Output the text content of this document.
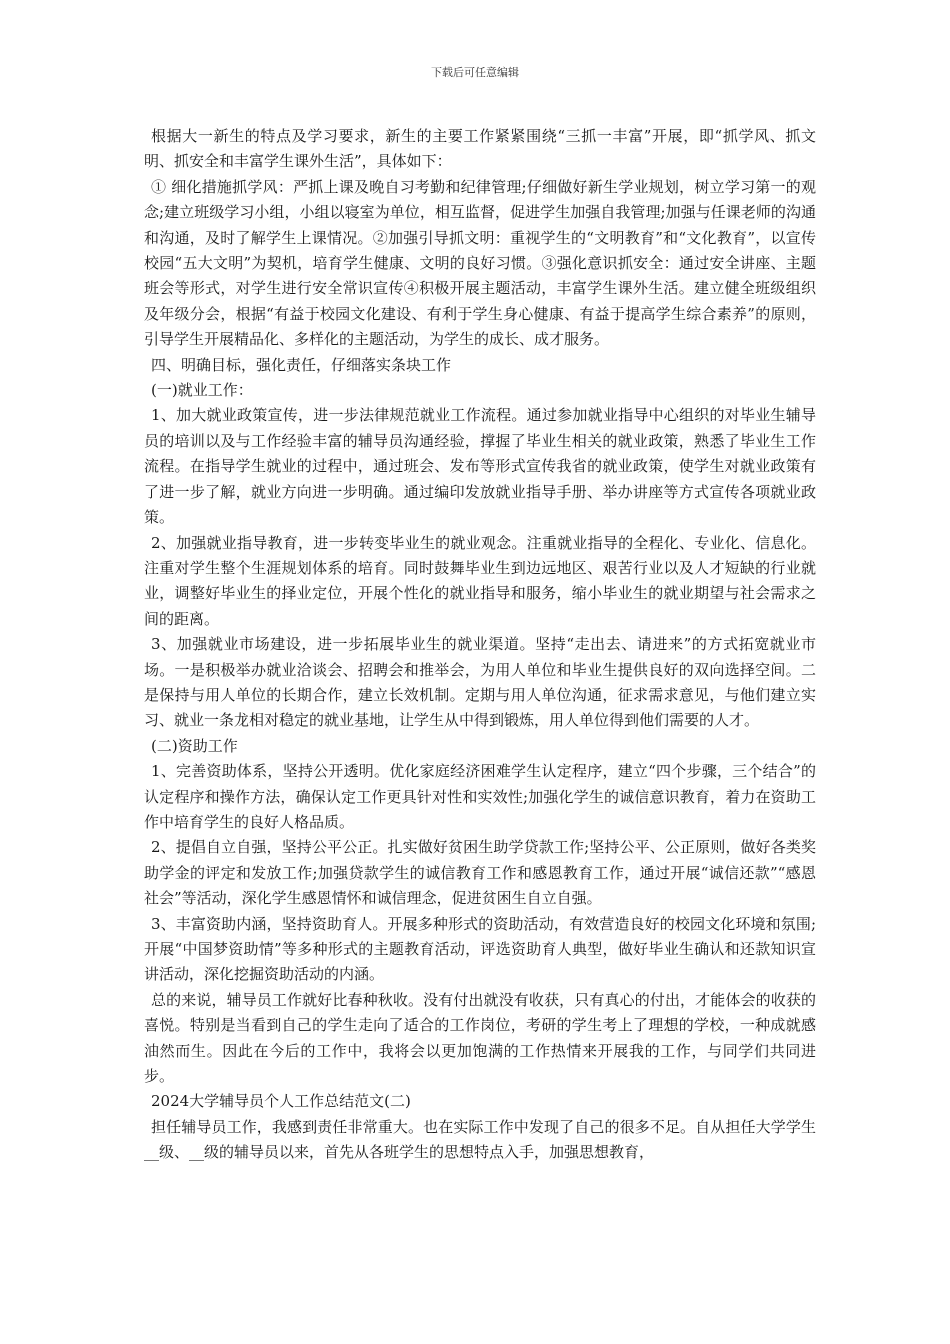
下载后可任意编辑

根据大一新生的特点及学习要求，新生的主要工作紧紧围绕“三抓一丰富”开展，即“抓学风、抓文明、抓安全和丰富学生课外生活”，具体如下：

① 细化措施抓学风：严抓上课及晚自习考勤和纪律管理;仔细做好新生学业规划，树立学习第一的观念;建立班级学习小组，小组以寝室为单位，相互监督，促进学生加强自我管理;加强与任课老师的沟通和沟通，及时了解学生上课情况。②加强引导抓文明：重视学生的“文明教育”和“文化教育”，以宣传校园“五大文明”为契机，培育学生健康、文明的良好习惯。③强化意识抓安全：通过安全讲座、主题班会等形式，对学生进行安全常识宣传④积极开展主题活动，丰富学生课外生活。建立健全班级组织及年级分会，根据“有益于校园文化建设、有利于学生身心健康、有益于提高学生综合素养”的原则，引导学生开展精品化、多样化的主题活动，为学生的成长、成才服务。

四、明确目标，强化责任，仔细落实条块工作

(一)就业工作：

1、加大就业政策宣传，进一步法律规范就业工作流程。通过参加就业指导中心组织的对毕业生辅导员的培训以及与工作经验丰富的辅导员沟通经验，撑握了毕业生相关的就业政策，熟悉了毕业生工作流程。在指导学生就业的过程中，通过班会、发布等形式宣传我省的就业政策，使学生对就业政策有了进一步了解，就业方向进一步明确。通过编印发放就业指导手册、举办讲座等方式宣传各项就业政策。

2、加强就业指导教育，进一步转变毕业生的就业观念。注重就业指导的全程化、专业化、信息化。注重对学生整个生涯规划体系的培育。同时鼓舞毕业生到边远地区、艰苦行业以及人才短缺的行业就业，调整好毕业生的择业定位，开展个性化的就业指导和服务，缩小毕业生的就业期望与社会需求之间的距离。

3、加强就业市场建设，进一步拓展毕业生的就业渠道。坚持“走出去、请进来”的方式拓宽就业市场。一是积极举办就业洽谈会、招聘会和推举会，为用人单位和毕业生提供良好的双向选择空间。二是保持与用人单位的长期合作，建立长效机制。定期与用人单位沟通，征求需求意见，与他们建立实习、就业一条龙相对稳定的就业基地，让学生从中得到锻炼，用人单位得到他们需要的人才。

(二)资助工作

1、完善资助体系，坚持公开透明。优化家庭经济困难学生认定程序，建立“四个步骤，三个结合”的认定程序和操作方法，确保认定工作更具针对性和实效性;加强化学生的诚信意识教育，着力在资助工作中培育学生的良好人格品质。

2、提倡自立自强，坚持公平公正。扎实做好贫困生助学贷款工作;坚持公平、公正原则，做好各类奖助学金的评定和发放工作;加强贷款学生的诚信教育工作和感恩教育工作，通过开展“诚信还款”“感恩社会”等活动，深化学生感恩情怀和诚信理念，促进贫困生自立自强。

3、丰富资助内涵，坚持资助育人。开展多种形式的资助活动，有效营造良好的校园文化环境和氛围;开展“中国梦资助情”等多种形式的主题教育活动，评选资助育人典型，做好毕业生确认和还款知识宣讲活动，深化挖掘资助活动的内涵。

总的来说，辅导员工作就好比春种秋收。没有付出就没有收获，只有真心的付出，才能体会的收获的喜悦。特别是当看到自己的学生走向了适合的工作岗位，考研的学生考上了理想的学校，一种成就感油然而生。因此在今后的工作中，我将会以更加饱满的工作热情来开展我的工作，与同学们共同进步。

2024大学辅导员个人工作总结范文(二)

担任辅导员工作，我感到责任非常重大。也在实际工作中发现了自己的很多不足。自从担任大学学生__级、__级的辅导员以来，首先从各班学生的思想特点入手，加强思想教育，
